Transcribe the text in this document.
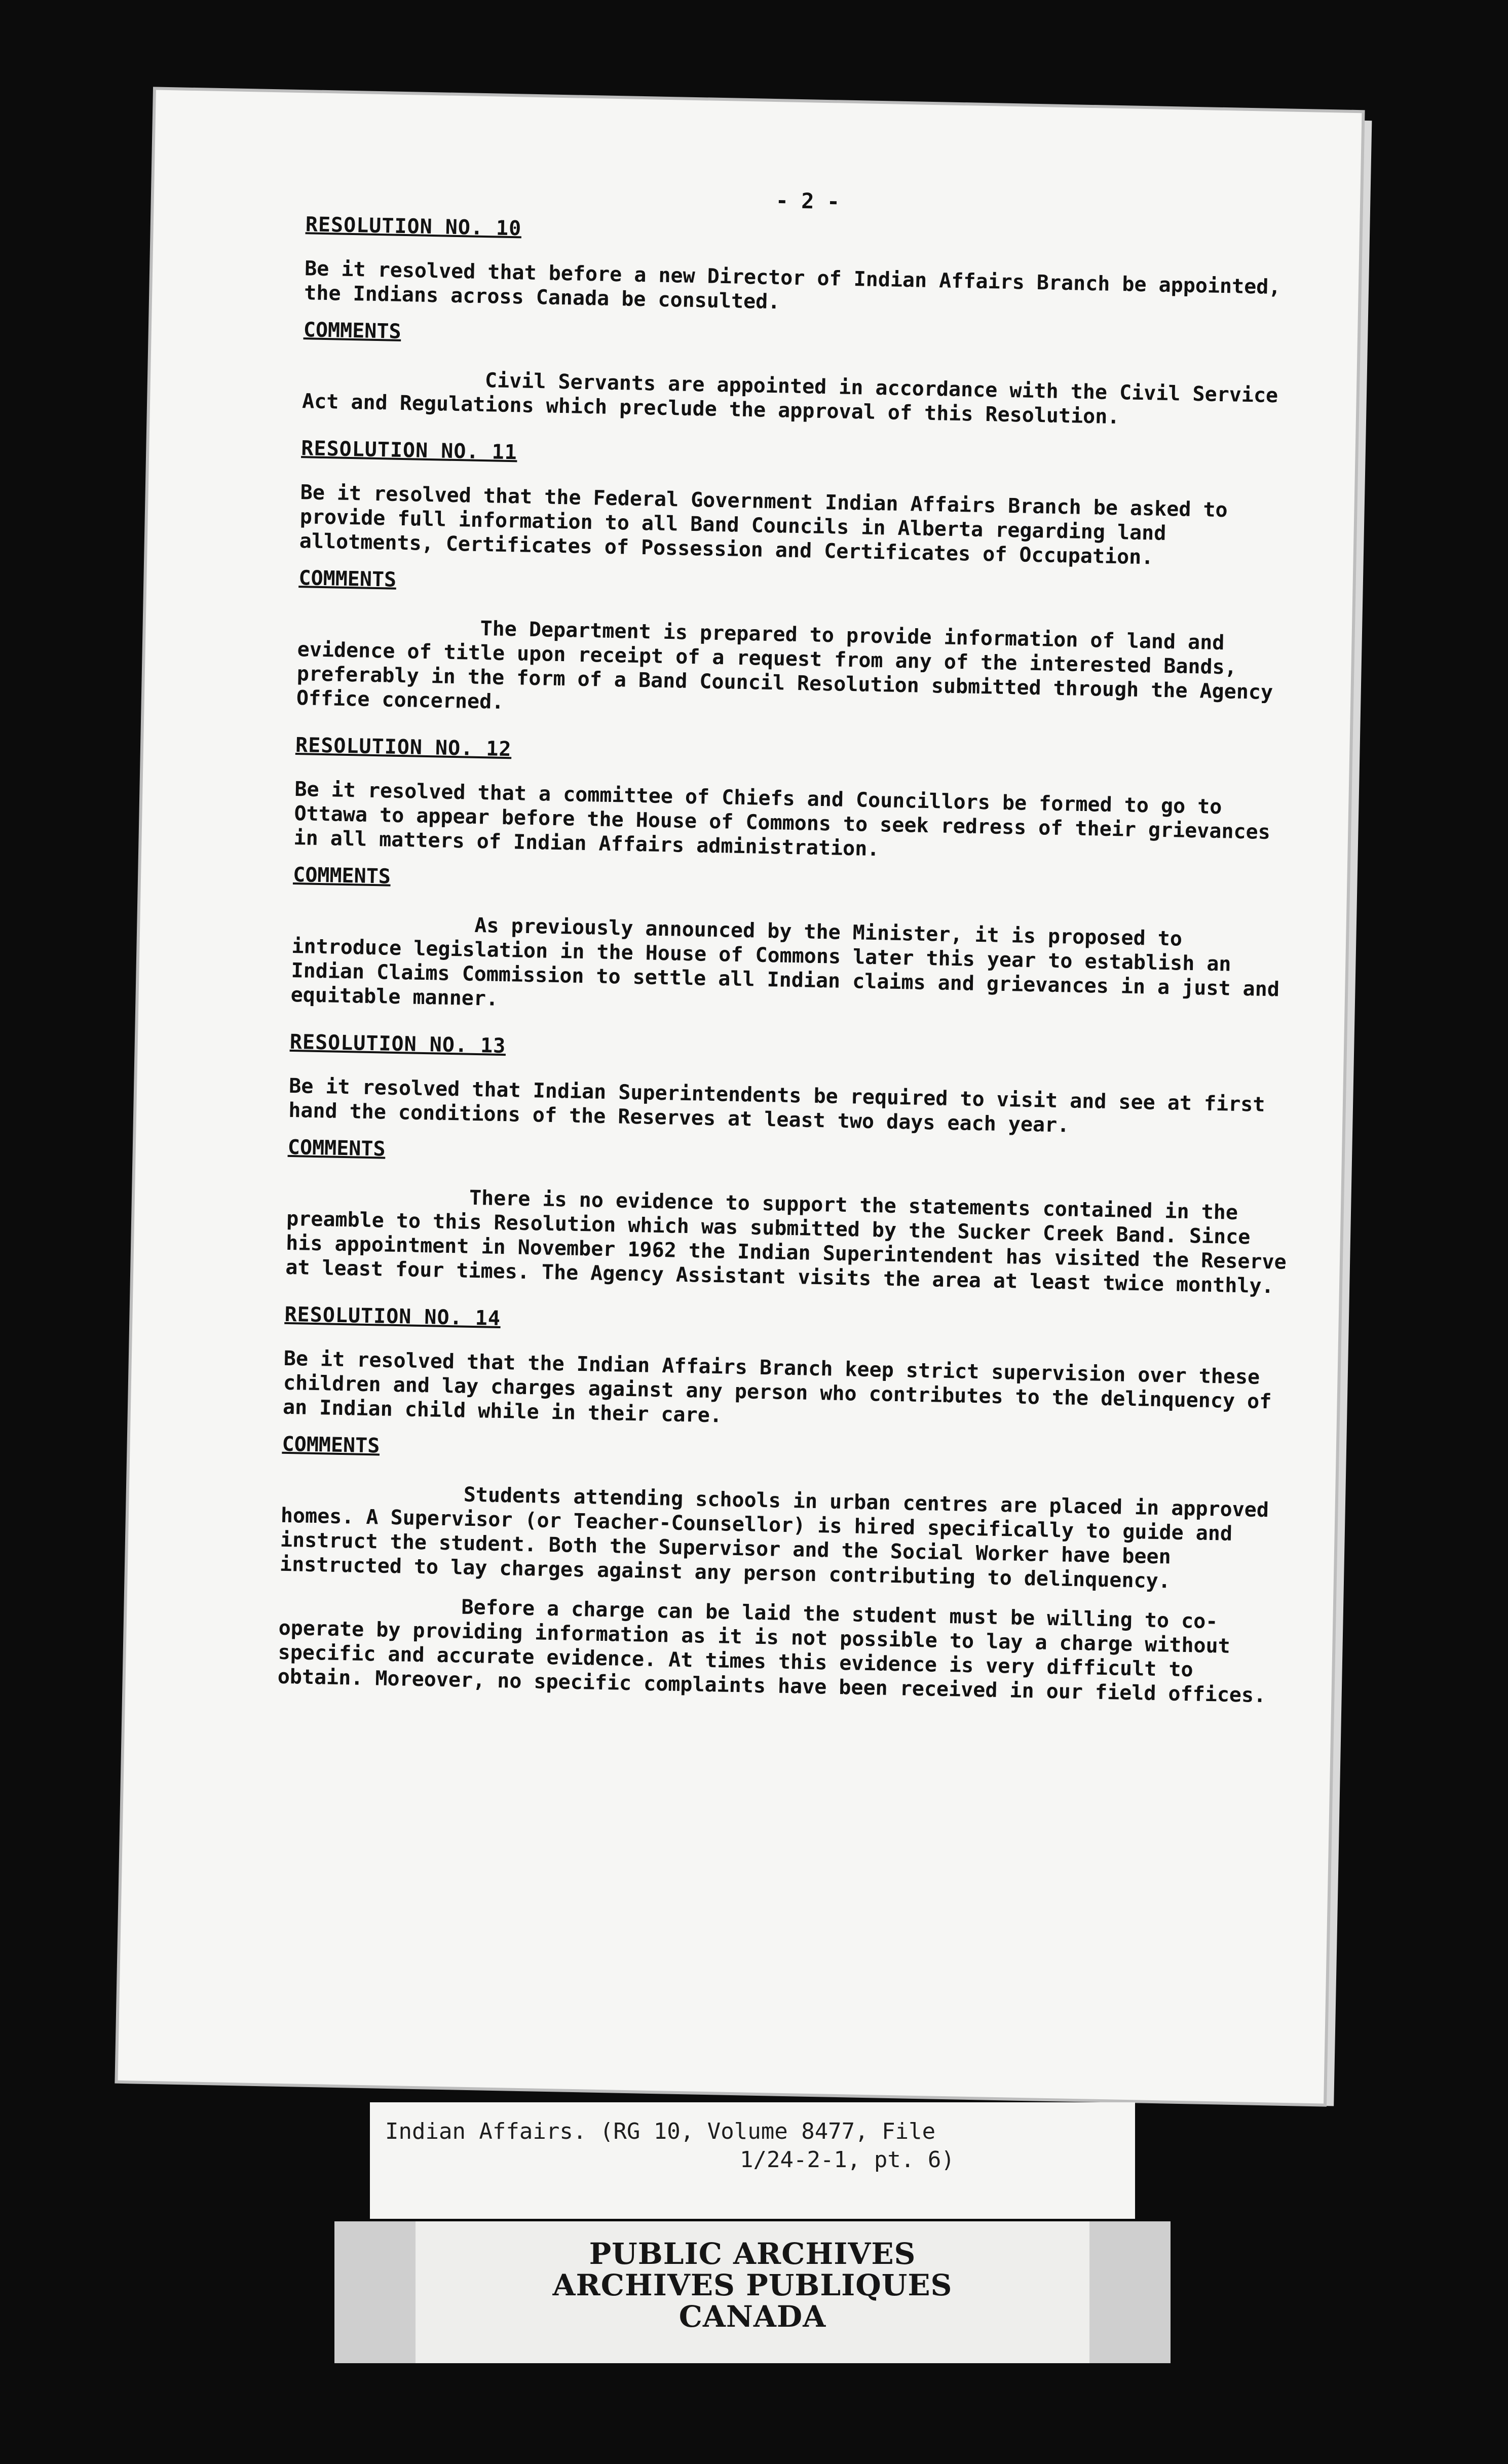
- 2 -
RESOLUTION NO. 10

Be it resolved that before a new Director of Indian Affairs Branch be appointed, the Indians across Canada be consulted.

COMMENTS

Civil Servants are appointed in accordance with the Civil Service Act and Regulations which preclude the approval of this Resolution.

RESOLUTION NO. 11

Be it resolved that the Federal Government Indian Affairs Branch be asked to provide full information to all Band Councils in Alberta regarding land allotments, Certificates of Possession and Certificates of Occupation.

COMMENTS

The Department is prepared to provide information of land and evidence of title upon receipt of a request from any of the interested Bands, preferably in the form of a Band Council Resolution submitted through the Agency Office concerned.

RESOLUTION NO. 12

Be it resolved that a committee of Chiefs and Councillors be formed to go to Ottawa to appear before the House of Commons to seek redress of their grievances in all matters of Indian Affairs administration.

COMMENTS

As previously announced by the Minister, it is proposed to introduce legislation in the House of Commons later this year to establish an Indian Claims Commission to settle all Indian claims and grievances in a just and equitable manner.

RESOLUTION NO. 13

Be it resolved that Indian Superintendents be required to visit and see at first hand the conditions of the Reserves at least two days each year.

COMMENTS

There is no evidence to support the statements contained in the preamble to this Resolution which was submitted by the Sucker Creek Band. Since his appointment in November 1962 the Indian Superintendent has visited the Reserve at least four times. The Agency Assistant visits the area at least twice monthly.

RESOLUTION NO. 14

Be it resolved that the Indian Affairs Branch keep strict supervision over these children and lay charges against any person who contributes to the delinquency of an Indian child while in their care.

COMMENTS

Students attending schools in urban centres are placed in approved homes. A Supervisor (or Teacher-Counsellor) is hired specifically to guide and instruct the student. Both the Supervisor and the Social Worker have been instructed to lay charges against any person contributing to delinquency.

Before a charge can be laid the student must be willing to co-operate by providing information as it is not possible to lay a charge without specific and accurate evidence. At times this evidence is very difficult to obtain. Moreover, no specific complaints have been received in our field offices.

Indian Affairs. (RG 10, Volume 8477, File
1/24-2-1, pt. 6)
PUBLIC ARCHIVES
ARCHIVES PUBLIQUES
CANADA
